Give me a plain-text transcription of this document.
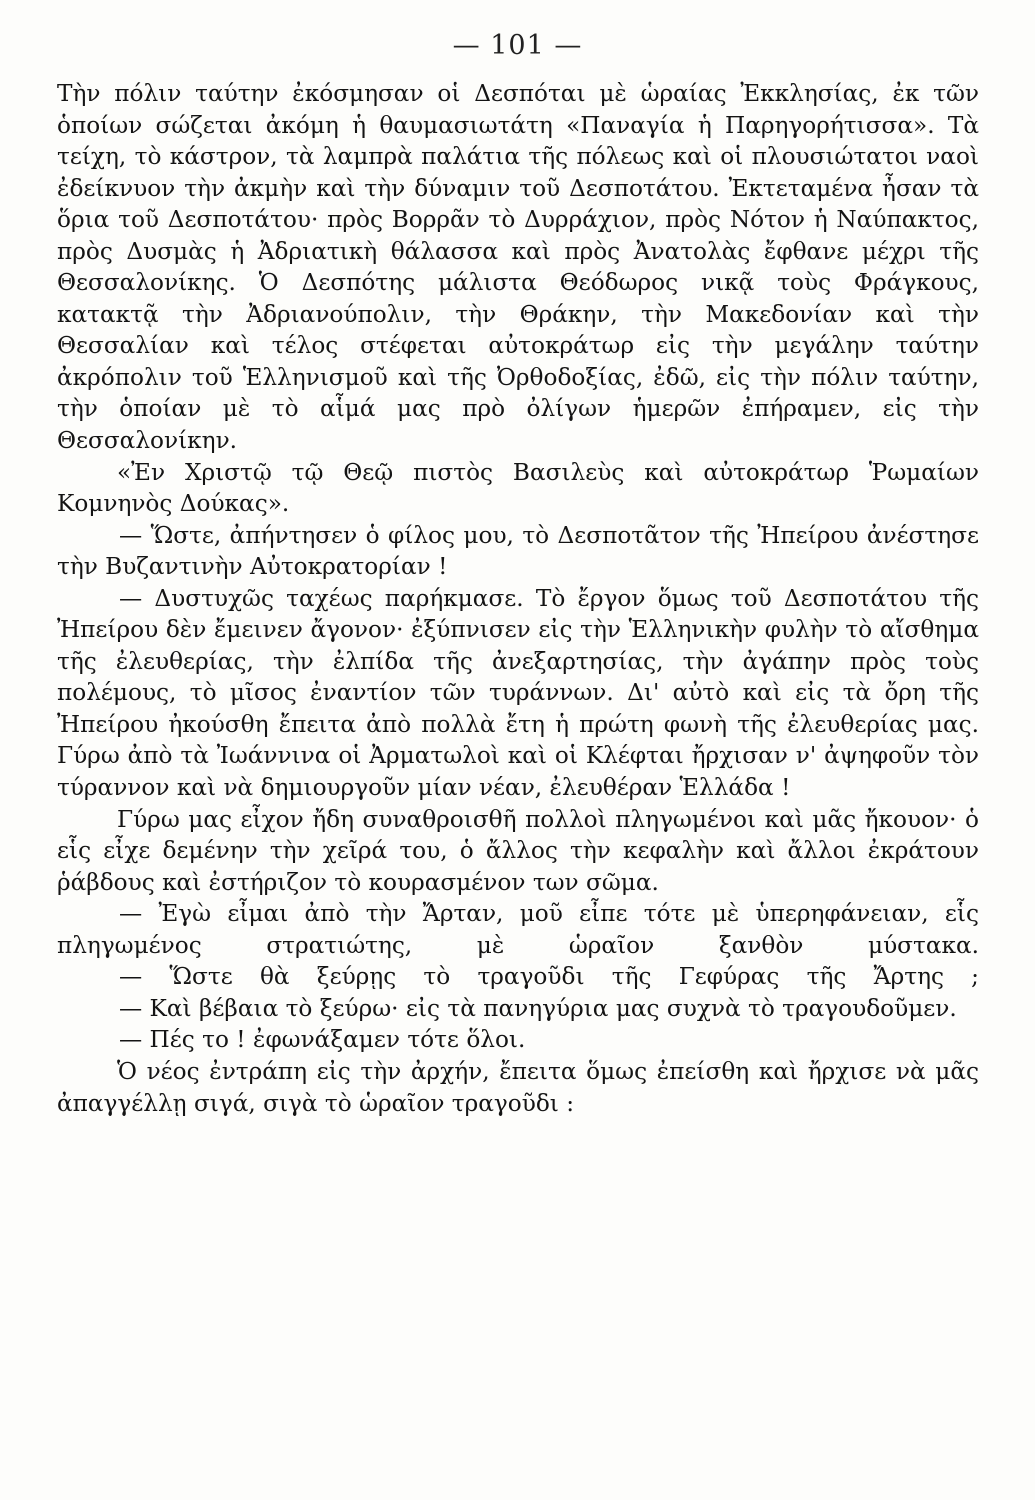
— 101 —

Τὴν πόλιν ταύτην ἐκόσμησαν οἱ Δεσπόται μὲ ὡραίας Ἐκκλησίας, ἐκ τῶν ὁποίων σώζεται ἀκόμη ἡ θαυμασιωτάτη «Παναγία ἡ Παρηγορήτισσα». Τὰ τείχη, τὸ κάστρον, τὰ λαμπρὰ παλάτια τῆς πόλεως καὶ οἱ πλουσιώτατοι ναοὶ ἐδείκνυον τὴν ἀκμὴν καὶ τὴν δύναμιν τοῦ Δεσποτάτου. Ἐκτεταμένα ἦσαν τὰ ὅρια τοῦ Δεσποτάτου· πρὸς Βορρᾶν τὸ Δυρράχιον, πρὸς Νότον ἡ Ναύπακτος, πρὸς Δυσμὰς ἡ Ἀδριατικὴ θάλασσα καὶ πρὸς Ἀνατολὰς ἔφθανε μέχρι τῆς Θεσσαλονίκης. Ὁ Δεσπότης μάλιστα Θεόδωρος νικᾷ τοὺς Φράγκους, κατακτᾷ τὴν Ἀδριανούπολιν, τὴν Θράκην, τὴν Μακεδονίαν καὶ τὴν Θεσσαλίαν καὶ τέλος στέφεται αὐτοκράτωρ εἰς τὴν μεγάλην ταύτην ἀκρόπολιν τοῦ Ἑλληνισμοῦ καὶ τῆς Ὀρθοδοξίας, ἐδῶ, εἰς τὴν πόλιν ταύτην, τὴν ὁποίαν μὲ τὸ αἷμά μας πρὸ ὀλίγων ἡμερῶν ἐπήραμεν, εἰς τὴν Θεσσαλονίκην.

«Ἐν Χριστῷ τῷ Θεῷ πιστὸς Βασιλεὺς καὶ αὐτοκράτωρ Ῥωμαίων Κομνηνὸς Δούκας».

— Ὥστε, ἀπήντησεν ὁ φίλος μου, τὸ Δεσποτᾶτον τῆς Ἠπείρου ἀνέστησε τὴν Βυζαντινὴν Αὐτοκρατορίαν !

— Δυστυχῶς ταχέως παρήκμασε. Τὸ ἔργον ὅμως τοῦ Δεσποτάτου τῆς Ἠπείρου δὲν ἔμεινεν ἄγονον· ἐξύπνισεν εἰς τὴν Ἑλληνικὴν φυλὴν τὸ αἴσθημα τῆς ἐλευθερίας, τὴν ἐλπίδα τῆς ἀνεξαρτησίας, τὴν ἀγάπην πρὸς τοὺς πολέμους, τὸ μῖσος ἐναντίον τῶν τυράννων. Δι' αὐτὸ καὶ εἰς τὰ ὄρη τῆς Ἠπείρου ἠκούσθη ἔπειτα ἀπὸ πολλὰ ἔτη ἡ πρώτη φωνὴ τῆς ἐλευθερίας μας. Γύρω ἀπὸ τὰ Ἰωάννινα οἱ Ἀρματωλοὶ καὶ οἱ Κλέφται ἤρχισαν ν' ἀψηφοῦν τὸν τύραννον καὶ νὰ δημιουργοῦν μίαν νέαν, ἐλευθέραν Ἑλλάδα !

Γύρω μας εἶχον ἤδη συναθροισθῆ πολλοὶ πληγωμένοι καὶ μᾶς ἤκουον· ὁ εἷς εἶχε δεμένην τὴν χεῖρά του, ὁ ἄλλος τὴν κεφαλὴν καὶ ἄλλοι ἐκράτουν ῥάβδους καὶ ἐστήριζον τὸ κουρασμένον των σῶμα.

— Ἐγὼ εἶμαι ἀπὸ τὴν Ἄρταν, μοῦ εἶπε τότε μὲ ὑπερηφάνειαν, εἷς πληγωμένος στρατιώτης, μὲ ὡραῖον ξανθὸν μύστακα.

— Ὥστε θὰ ξεύρῃς τὸ τραγοῦδι τῆς Γεφύρας τῆς Ἄρτης ;

— Καὶ βέβαια τὸ ξεύρω· εἰς τὰ πανηγύρια μας συχνὰ τὸ τραγουδοῦμεν.

— Πές το ! ἐφωνάξαμεν τότε ὅλοι.

Ὁ νέος ἐντράπη εἰς τὴν ἀρχήν, ἔπειτα ὅμως ἐπείσθη καὶ ἤρχισε νὰ μᾶς ἀπαγγέλλῃ σιγά, σιγὰ τὸ ὡραῖον τραγοῦδι :
